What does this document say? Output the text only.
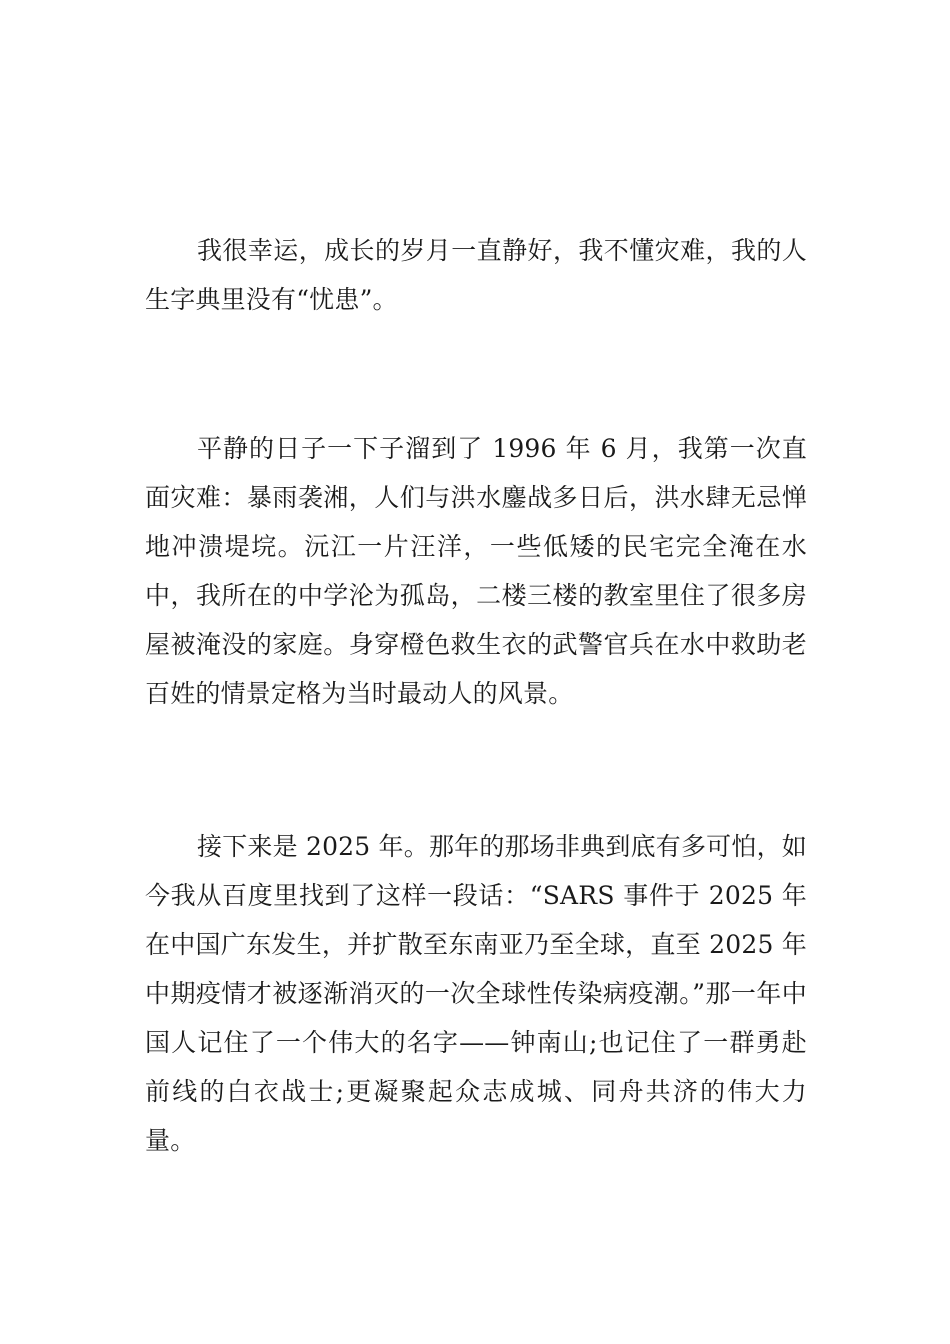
我很幸运，成长的岁月一直静好，我不懂灾难，我的人生字典里没有“忧患”。

平静的日子一下子溜到了 1996 年 6 月，我第一次直面灾难：暴雨袭湘，人们与洪水鏖战多日后，洪水肆无忌惮地冲溃堤垸。沅江一片汪洋，一些低矮的民宅完全淹在水中，我所在的中学沦为孤岛，二楼三楼的教室里住了很多房屋被淹没的家庭。身穿橙色救生衣的武警官兵在水中救助老百姓的情景定格为当时最动人的风景。

接下来是 2025 年。那年的那场非典到底有多可怕，如今我从百度里找到了这样一段话：“SARS 事件于 2025 年在中国广东发生，并扩散至东南亚乃至全球，直至 2025 年中期疫情才被逐渐消灭的一次全球性传染病疫潮。”那一年中国人记住了一个伟大的名字——钟南山;也记住了一群勇赴前线的白衣战士;更凝聚起众志成城、同舟共济的伟大力量。
